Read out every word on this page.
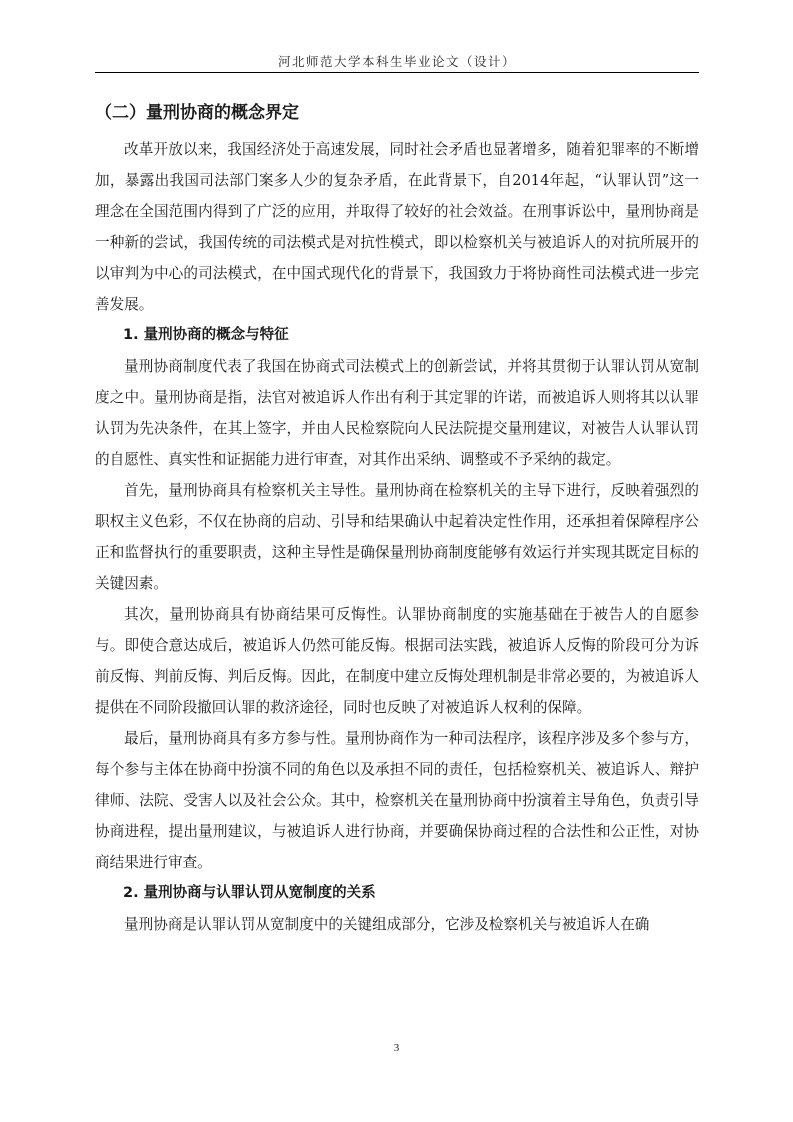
河北师范大学本科生毕业论文（设计）
（二）量刑协商的概念界定

改革开放以来，我国经济处于高速发展，同时社会矛盾也显著增多，随着犯罪率的不断增加，暴露出我国司法部门案多人少的复杂矛盾，在此背景下，自2014年起，“认罪认罚”这一理念在全国范围内得到了广泛的应用，并取得了较好的社会效益。在刑事诉讼中，量刑协商是一种新的尝试，我国传统的司法模式是对抗性模式，即以检察机关与被追诉人的对抗所展开的以审判为中心的司法模式，在中国式现代化的背景下，我国致力于将协商性司法模式进一步完善发展。

1. 量刑协商的概念与特征

量刑协商制度代表了我国在协商式司法模式上的创新尝试，并将其贯彻于认罪认罚从宽制度之中。量刑协商是指，法官对被追诉人作出有利于其定罪的许诺，而被追诉人则将其以认罪认罚为先决条件，在其上签字，并由人民检察院向人民法院提交量刑建议，对被告人认罪认罚的自愿性、真实性和证据能力进行审查，对其作出采纳、调整或不予采纳的裁定。

首先，量刑协商具有检察机关主导性。量刑协商在检察机关的主导下进行，反映着强烈的职权主义色彩，不仅在协商的启动、引导和结果确认中起着决定性作用，还承担着保障程序公正和监督执行的重要职责，这种主导性是确保量刑协商制度能够有效运行并实现其既定目标的关键因素。

其次，量刑协商具有协商结果可反悔性。认罪协商制度的实施基础在于被告人的自愿参与。即使合意达成后，被追诉人仍然可能反悔。根据司法实践，被追诉人反悔的阶段可分为诉前反悔、判前反悔、判后反悔。因此，在制度中建立反悔处理机制是非常必要的，为被追诉人提供在不同阶段撤回认罪的救济途径，同时也反映了对被追诉人权利的保障。

最后，量刑协商具有多方参与性。量刑协商作为一种司法程序，该程序涉及多个参与方，每个参与主体在协商中扮演不同的角色以及承担不同的责任，包括检察机关、被追诉人、辩护律师、法院、受害人以及社会公众。其中，检察机关在量刑协商中扮演着主导角色，负责引导协商进程，提出量刑建议，与被追诉人进行协商，并要确保协商过程的合法性和公正性，对协商结果进行审查。

2. 量刑协商与认罪认罚从宽制度的关系

量刑协商是认罪认罚从宽制度中的关键组成部分，它涉及检察机关与被追诉人在确

3
